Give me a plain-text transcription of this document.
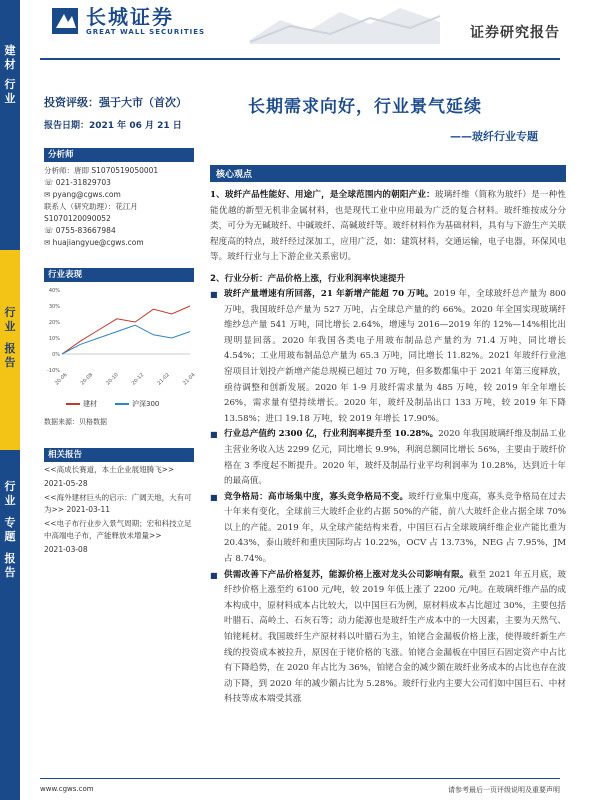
建
材
行
业
行
业
报
告
行
业
专
题
报
告
长城证券
GREAT WALL SECURITIES	证券研究报告
投资评级：强于大市（首次）
报告日期：2021 年 06 月 21 日
长期需求向好，行业景气延续
——玻纤行业专题
分析师
分析师：唐即 S1070519050001
☏ 021-31829703
✉ pyang@cgws.com
联系人（研究助理）：花江月
S1070120090052
☏ 0755-83667984
✉ huajiangyue@cgws.com
行业表现
-10%
0%
10%
20%
30%
40%
20-06 20-08 20-10 20-12 21-02 21-04
建材	沪深300
数据来源：贝格数据
相关报告
<<高成长赛道，本土企业展翅腾飞>>
2021-05-28
<<海外建材巨头的启示：广阔天地，大有可为>> 2021-03-11
<<电子布行业步入景气周期；宏和科技立足中高端电子布，产能释放未增量>>
2021-03-08
核心观点
1、玻纤产品性能好、用途广，是全球范围内的朝阳产业：玻璃纤维（简称为玻纤）是一种性能优越的新型无机非金属材料，也是现代工业中应用最为广泛的复合材料。玻纤维按成分分类，可分为无碱玻纤、中碱玻纤、高碱玻纤等。玻纤材料作为基础材料，具有与下游生产关联程度高的特点，玻纤经过深加工，应用广泛，如：建筑材料，交通运输，电子电器，环保风电等。玻纤行业与上下游企业关系密切。
2、行业分析：产品价格上涨，行业利润率快速提升
■ 玻纤产量增速有所回落，21 年新增产能超 70 万吨。2019 年，全球玻纤总产量为 800 万吨，我国玻纤总产量为 527 万吨，占全球总产量的约 66%。2020 年全国实现玻璃纤维纱总产量 541 万吨，同比增长 2.64%，增速与 2016—2019 年的 12%—14%相比出现明显回落。2020 年我国各类电子用玻布制品总产量约为 71.4 万吨，同比增长 4.54%；工业用玻布制品总产量为 65.3 万吨，同比增长 11.82%。2021 年玻纤行业池窑项目计划投产新增产能总规模已超过 70 万吨，但多数都集中于 2021 年第三度释放，亟待调整和创新发展。2020 年 1-9 月玻纤需求量为 485 万吨，较 2019 年全年增长 26%，需求量有望持续增长。2020 年，玻纤及制品出口 133 万吨，较 2019 年下降 13.58%；进口 19.18 万吨，较 2019 年增长 17.90%。
■ 行业总产值约 2300 亿，行业利润率提升至 10.28%。2020 年我国玻璃纤维及制品工业主营业务收入达 2299 亿元，同比增长 9.9%，利润总额同比增长 56%，主要由于玻纤价格在 3 季度起不断提升。2020 年，玻纤及制品行业平均利润率为 10.28%，达到近十年的最高值。
■ 竞争格局：高市场集中度，寡头竞争格局不变。玻纤行业集中度高，寡头竞争格局在过去十年来有变化，全球前三大玻纤企业约占据 50%的产能，前八大玻纤企业占据全球 70%以上的产能。2019 年，从全球产能结构来看，中国巨石占全球玻璃纤维企业产能比重为 20.43%，泰山玻纤和重庆国际均占 10.22%，OCV 占 13.73%，NEG 占 7.95%，JM 占 8.74%。
■ 供需改善下产品价格复苏，能源价格上涨对龙头公司影响有限。截至 2021 年五月底，玻纤纱价格上涨至约 6100 元/吨，较 2019 年低上涨了 2200 元/吨。在玻璃纤维产品的成本构成中，原材料成本占比较大，以中国巨石为例，原材料成本占比超过 30%，主要包括叶腊石、高岭土、石灰石等；动力能源也是玻纤生产成本中的一大因素，主要为天然气、铂铑耗材。我国玻纤生产原材料以叶腊石为主，铂铑合金漏板价格上涨，使得玻纤新生产线的投资成本被拉升，原因在于铑价格的飞涨。铂铑合金漏板在中国巨石固定资产中占比有下降趋势，在 2020 年占比为 36%，铂铑合金的减少额在玻纤业务成本的占比也存在波动下降，到 2020 年的减少额占比为 5.28%。玻纤行业内主要大公司们如中国巨石、中材科技等成本端受其涨
www.cgws.com	请参考最后一页评级说明及重要声明
